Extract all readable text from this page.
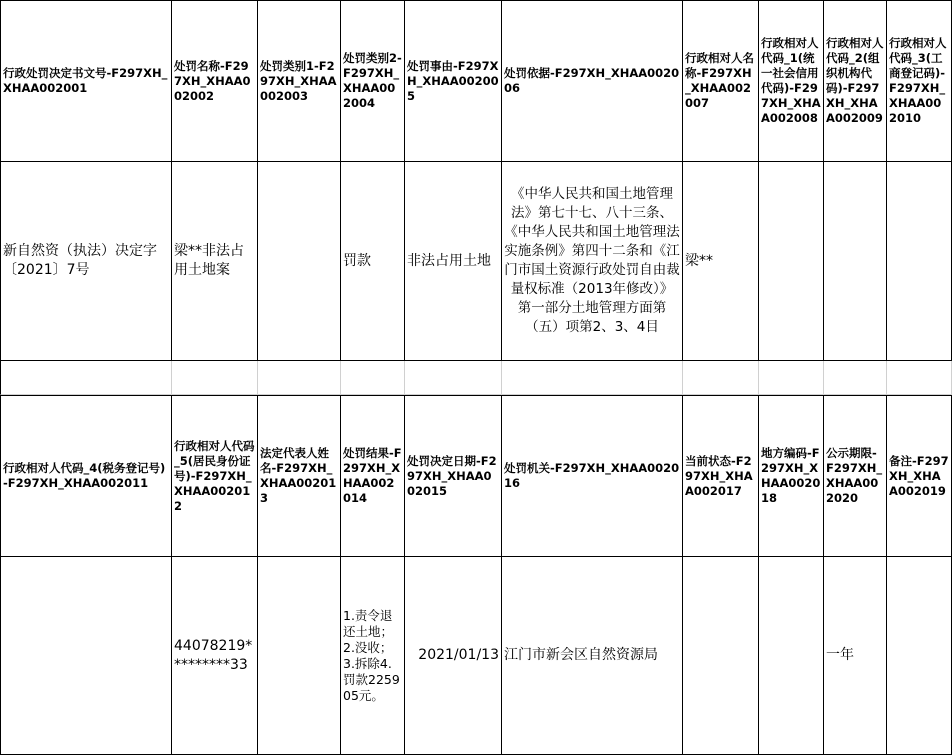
行政处罚决定书文号-F297XH_XHAA002001
处罚名称-F297XH_XHAA002002
处罚类别1-F297XH_XHAA002003
处罚类别2-F297XH_XHAA002004
处罚事由-F297XH_XHAA002005
处罚依据-F297XH_XHAA002006
行政相对人名称-F297XH_XHAA002007
行政相对人代码_1(统一社会信用代码)-F297XH_XHAA002008
行政相对人代码_2(组织机构代码)-F297XH_XHAA002009
行政相对人代码_3(工商登记码)-F297XH_XHAA002010
新自然资（执法）决定字〔2021〕7号
梁**非法占用土地案
罚款	非法占用土地
《中华人民共和国土地管理法》第七十七、八十三条、《中华人民共和国土地管理法实施条例》第四十二条和《江门市国土资源行政处罚自由裁量权标准（2013年修改）》第一部分土地管理方面第（五）项第2、3、4目
梁**
行政相对人代码_4(税务登记号)-F297XH_XHAA002011
行政相对人代码_5(居民身份证号)-F297XH_XHAA002012
法定代表人姓名-F297XH_XHAA002013
处罚结果-F297XH_XHAA002014
处罚决定日期-F297XH_XHAA002015
处罚机关-F297XH_XHAA002016
当前状态-F297XH_XHAA002017
地方编码-F297XH_XHAA002018
公示期限-F297XH_XHAA002020
备注-F297XH_XHAA002019
44078219*********33
1.责令退还土地；2.没收；3.拆除4.罚款225905元。
2021/01/13 江门市新会区自然资源局	一年
